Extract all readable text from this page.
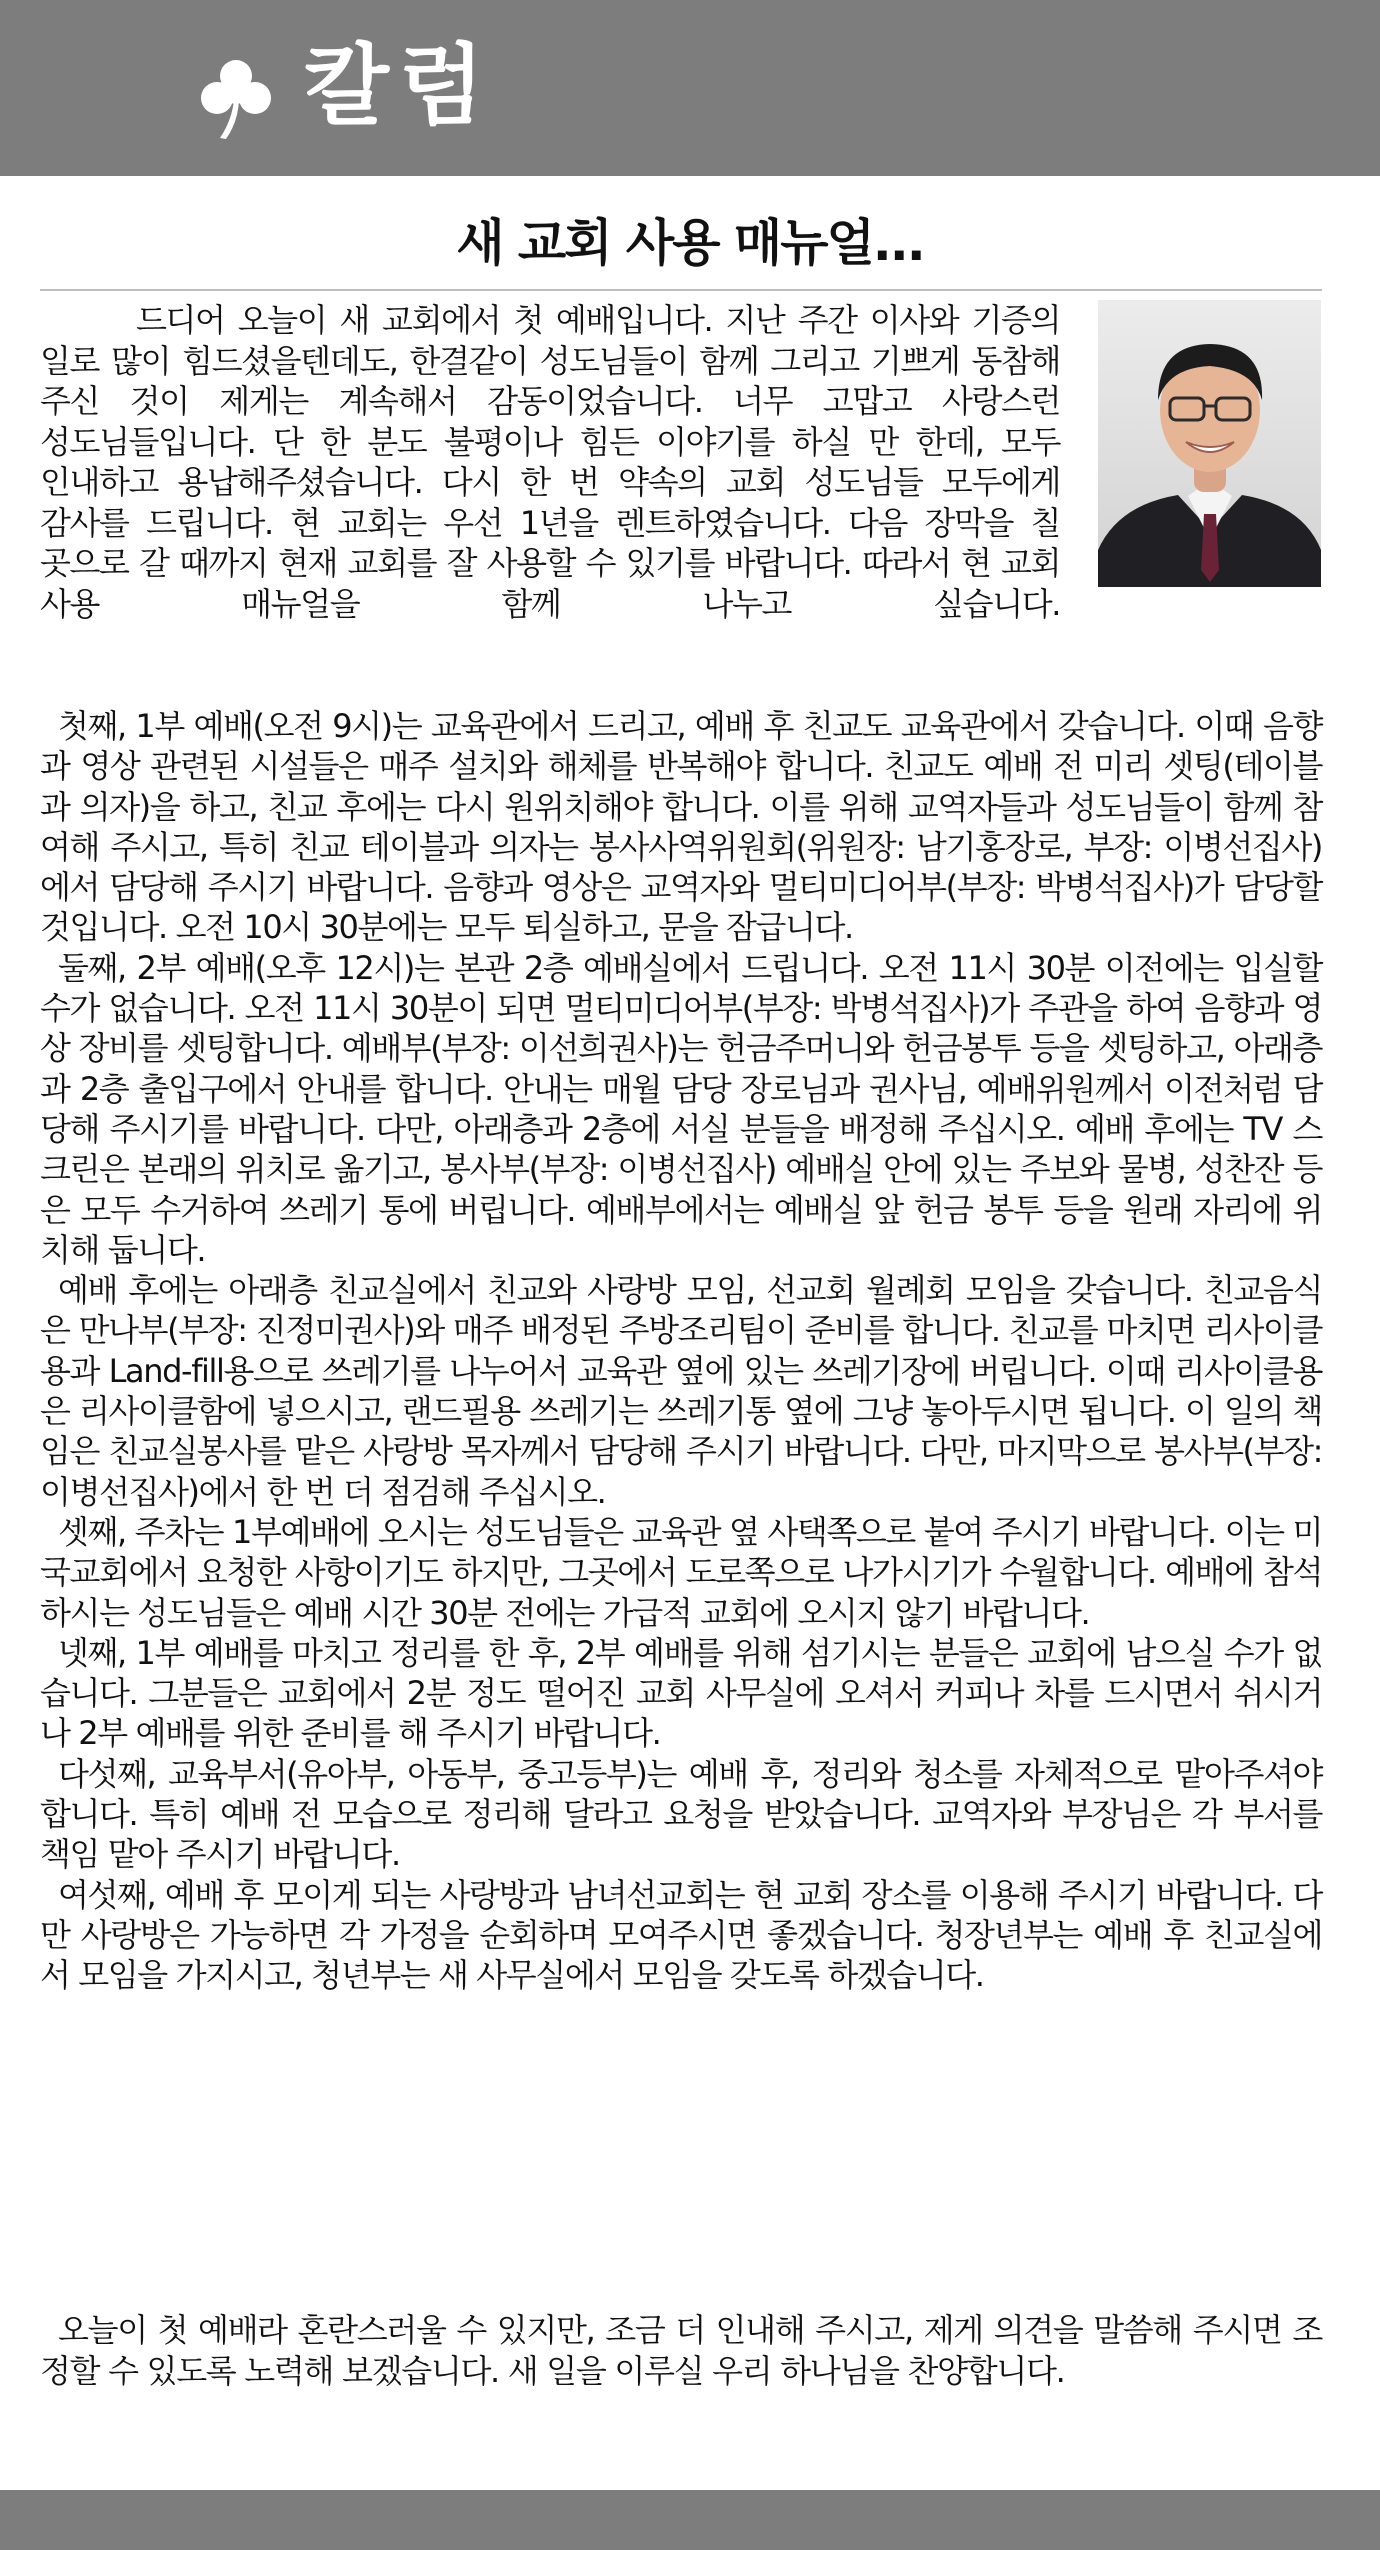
칼럼
새 교회 사용 매뉴얼...
드디어 오늘이 새 교회에서 첫 예배입니다. 지난 주간 이사와 기증의 일로 많이 힘드셨을텐데도, 한결같이 성도님들이 함께 그리고 기쁘게 동참해 주신 것이 제게는 계속해서 감동이었습니다. 너무 고맙고 사랑스런 성도님들입니다. 단 한 분도 불평이나 힘든 이야기를 하실 만 한데, 모두 인내하고 용납해주셨습니다. 다시 한 번 약속의 교회 성도님들 모두에게 감사를 드립니다. 현 교회는 우선 1년을 렌트하였습니다. 다음 장막을 칠 곳으로 갈 때까지 현재 교회를 잘 사용할 수 있기를 바랍니다. 따라서 현 교회 사용 매뉴얼을 함께 나누고 싶습니다.

첫째, 1부 예배(오전 9시)는 교육관에서 드리고, 예배 후 친교도 교육관에서 갖습니다. 이때 음향과 영상 관련된 시설들은 매주 설치와 해체를 반복해야 합니다. 친교도 예배 전 미리 셋팅(테이블과 의자)을 하고, 친교 후에는 다시 원위치해야 합니다. 이를 위해 교역자들과 성도님들이 함께 참여해 주시고, 특히 친교 테이블과 의자는 봉사사역위원회(위원장: 남기홍장로, 부장: 이병선집사)에서 담당해 주시기 바랍니다. 음향과 영상은 교역자와 멀티미디어부(부장: 박병석집사)가 담당할 것입니다. 오전 10시 30분에는 모두 퇴실하고, 문을 잠급니다.

둘째, 2부 예배(오후 12시)는 본관 2층 예배실에서 드립니다. 오전 11시 30분 이전에는 입실할 수가 없습니다. 오전 11시 30분이 되면 멀티미디어부(부장: 박병석집사)가 주관을 하여 음향과 영상 장비를 셋팅합니다. 예배부(부장: 이선희권사)는 헌금주머니와 헌금봉투 등을 셋팅하고, 아래층과 2층 출입구에서 안내를 합니다. 안내는 매월 담당 장로님과 권사님, 예배위원께서 이전처럼 담당해 주시기를 바랍니다. 다만, 아래층과 2층에 서실 분들을 배정해 주십시오. 예배 후에는 TV 스크린은 본래의 위치로 옮기고, 봉사부(부장: 이병선집사) 예배실 안에 있는 주보와 물병, 성찬잔 등은 모두 수거하여 쓰레기 통에 버립니다. 예배부에서는 예배실 앞 헌금 봉투 등을 원래 자리에 위치해 둡니다.

예배 후에는 아래층 친교실에서 친교와 사랑방 모임, 선교회 월례회 모임을 갖습니다. 친교음식은 만나부(부장: 진정미권사)와 매주 배정된 주방조리팀이 준비를 합니다. 친교를 마치면 리사이클용과 Land-fill용으로 쓰레기를 나누어서 교육관 옆에 있는 쓰레기장에 버립니다. 이때 리사이클용은 리사이클함에 넣으시고, 랜드필용 쓰레기는 쓰레기통 옆에 그냥 놓아두시면 됩니다. 이 일의 책임은 친교실봉사를 맡은 사랑방 목자께서 담당해 주시기 바랍니다. 다만, 마지막으로 봉사부(부장: 이병선집사)에서 한 번 더 점검해 주십시오.

셋째, 주차는 1부예배에 오시는 성도님들은 교육관 옆 사택쪽으로 붙여 주시기 바랍니다. 이는 미국교회에서 요청한 사항이기도 하지만, 그곳에서 도로쪽으로 나가시기가 수월합니다. 예배에 참석하시는 성도님들은 예배 시간 30분 전에는 가급적 교회에 오시지 않기 바랍니다.

넷째, 1부 예배를 마치고 정리를 한 후, 2부 예배를 위해 섬기시는 분들은 교회에 남으실 수가 없습니다. 그분들은 교회에서 2분 정도 떨어진 교회 사무실에 오셔서 커피나 차를 드시면서 쉬시거나 2부 예배를 위한 준비를 해 주시기 바랍니다.

다섯째, 교육부서(유아부, 아동부, 중고등부)는 예배 후, 정리와 청소를 자체적으로 맡아주셔야 합니다. 특히 예배 전 모습으로 정리해 달라고 요청을 받았습니다. 교역자와 부장님은 각 부서를 책임 맡아 주시기 바랍니다.

여섯째, 예배 후 모이게 되는 사랑방과 남녀선교회는 현 교회 장소를 이용해 주시기 바랍니다. 다만 사랑방은 가능하면 각 가정을 순회하며 모여주시면 좋겠습니다. 청장년부는 예배 후 친교실에서 모임을 가지시고, 청년부는 새 사무실에서 모임을 갖도록 하겠습니다.

오늘이 첫 예배라 혼란스러울 수 있지만, 조금 더 인내해 주시고, 제게 의견을 말씀해 주시면 조정할 수 있도록 노력해 보겠습니다. 새 일을 이루실 우리 하나님을 찬양합니다.
